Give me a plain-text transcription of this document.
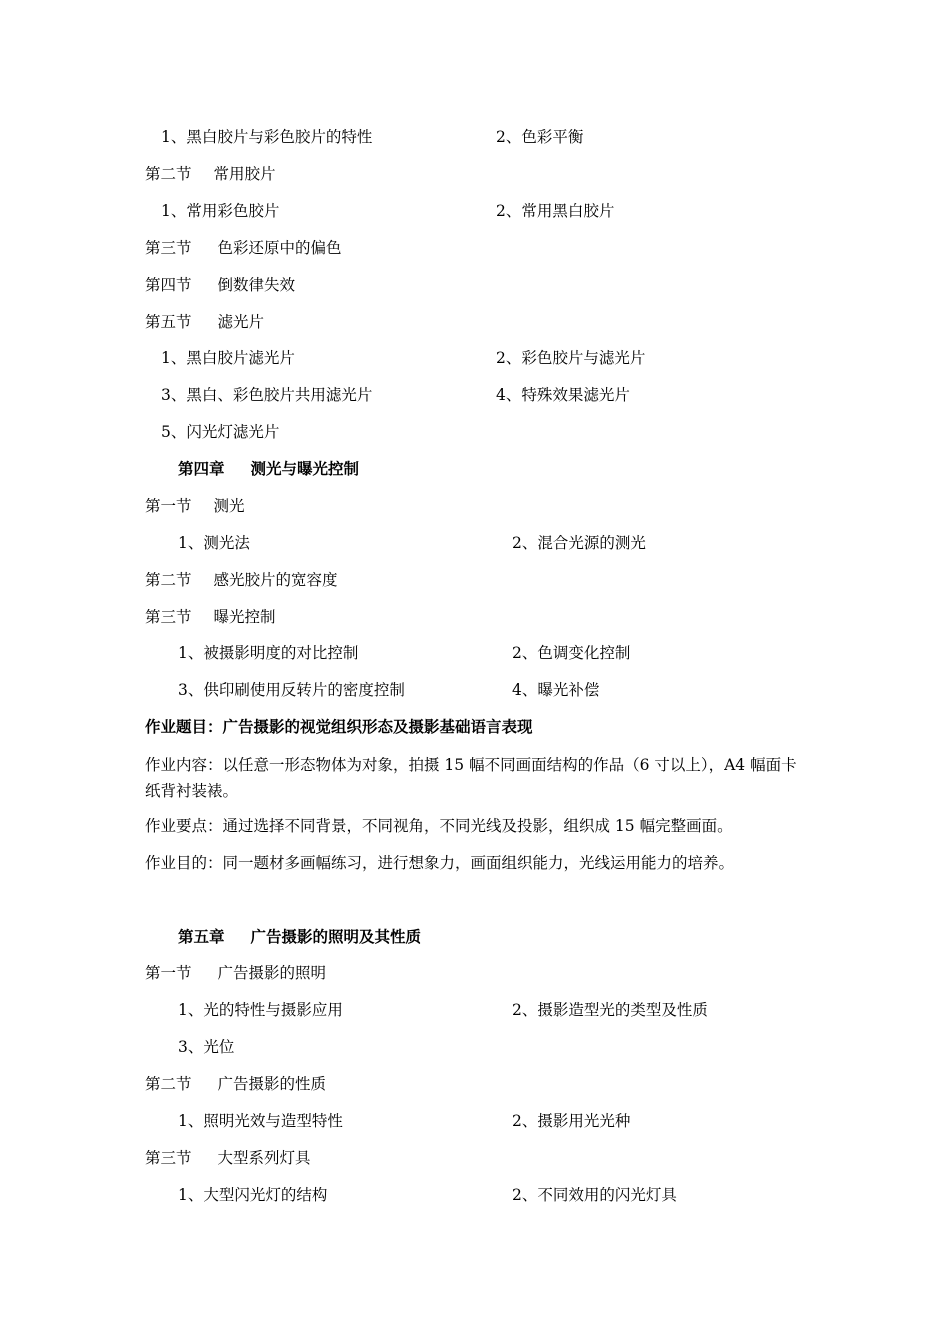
1、黑白胶片与彩色胶片的特性	2、色彩平衡
第二节 常用胶片
1、常用彩色胶片	2、常用黑白胶片
第三节 色彩还原中的偏色
第四节 倒数律失效
第五节 滤光片
1、黑白胶片滤光片	2、彩色胶片与滤光片
3、黑白、彩色胶片共用滤光片	4、特殊效果滤光片
5、闪光灯滤光片
第四章 测光与曝光控制
第一节 测光
1、测光法	2、混合光源的测光
第二节 感光胶片的宽容度
第三节 曝光控制
1、被摄影明度的对比控制	2、色调变化控制
3、供印刷使用反转片的密度控制	4、曝光补偿
作业题目：广告摄影的视觉组织形态及摄影基础语言表现
作业内容：以任意一形态物体为对象，拍摄 15 幅不同画面结构的作品（6 寸以上），A4 幅面卡纸背衬装裱。
作业要点：通过选择不同背景，不同视角，不同光线及投影，组织成 15 幅完整画面。
作业目的：同一题材多画幅练习，进行想象力，画面组织能力，光线运用能力的培养。
第五章 广告摄影的照明及其性质
第一节 广告摄影的照明
1、光的特性与摄影应用	2、摄影造型光的类型及性质
3、光位
第二节 广告摄影的性质
1、照明光效与造型特性	2、摄影用光光种
第三节 大型系列灯具
1、大型闪光灯的结构	2、不同效用的闪光灯具
